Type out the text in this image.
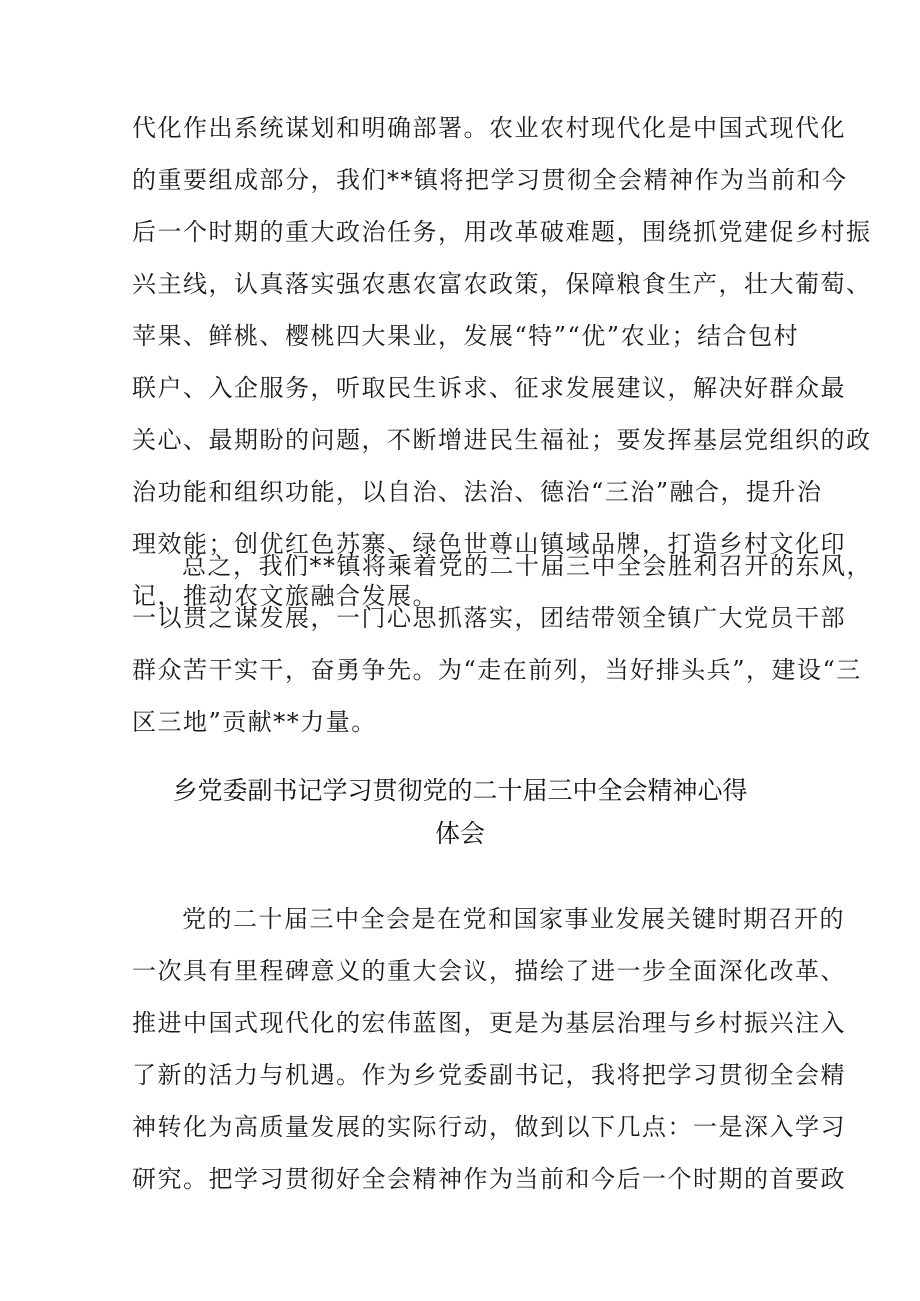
代化作出系统谋划和明确部署。农业农村现代化是中国式现代化
的重要组成部分，我们**镇将把学习贯彻全会精神作为当前和今
后一个时期的重大政治任务，用改革破难题，围绕抓党建促乡村振
兴主线，认真落实强农惠农富农政策，保障粮食生产，壮大葡萄、
苹果、鲜桃、樱桃四大果业，发展“特”“优”农业；结合包村
联户、入企服务，听取民生诉求、征求发展建议，解决好群众最
关心、最期盼的问题，不断增进民生福祉；要发挥基层党组织的政
治功能和组织功能，以自治、法治、德治“三治”融合，提升治
理效能；创优红色苏寨、绿色世尊山镇域品牌，打造乡村文化印
记，推动农文旅融合发展。
总之，我们**镇将乘着党的二十届三中全会胜利召开的东风，
一以贯之谋发展，一门心思抓落实，团结带领全镇广大党员干部
群众苦干实干，奋勇争先。为“走在前列，当好排头兵”，建设“三
区三地”贡献**力量。
乡党委副书记学习贯彻党的二十届三中全会精神心得
体会
党的二十届三中全会是在党和国家事业发展关键时期召开的
一次具有里程碑意义的重大会议，描绘了进一步全面深化改革、
推进中国式现代化的宏伟蓝图，更是为基层治理与乡村振兴注入
了新的活力与机遇。作为乡党委副书记，我将把学习贯彻全会精
神转化为高质量发展的实际行动，做到以下几点：一是深入学习
研究。把学习贯彻好全会精神作为当前和今后一个时期的首要政
